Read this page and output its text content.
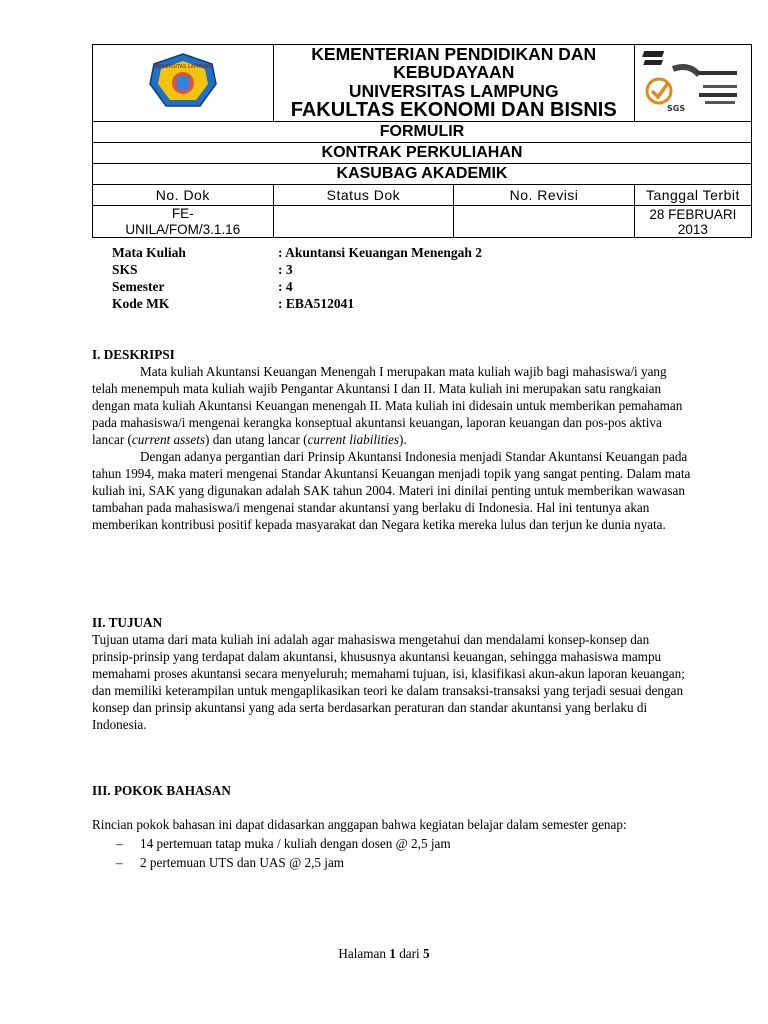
UNIVERSITAS LAMPUNG	KEMENTERIAN PENDIDIKAN DAN KEBUDAYAAN
UNIVERSITAS LAMPUNG
FAKULTAS EKONOMI DAN BISNIS		SGS

FORMULIR			
KONTRAK PERKULIAHAN			
KASUBAG AKADEMIK			
No. Dok	Status Dok	No. Revisi	Tanggal Terbit

FE-
UNILA/FOM/3.1.16			28 FEBRUARI 2013
Mata Kuliah	: Akuntansi Keuangan Menengah 2
SKS	: 3
Semester	: 4
Kode MK	: EBA512041

I. DESKRIPSI

Mata kuliah Akuntansi Keuangan Menengah I merupakan mata kuliah wajib bagi mahasiswa/i yang telah menempuh mata kuliah wajib Pengantar Akuntansi I dan II. Mata kuliah ini merupakan satu rangkaian dengan mata kuliah Akuntansi Keuangan menengah II. Mata kuliah ini didesain untuk memberikan pemahaman pada mahasiswa/i mengenai kerangka konseptual akuntansi keuangan, laporan keuangan dan pos-pos aktiva lancar (current assets) dan utang lancar (current liabilities).

Dengan adanya pergantian dari Prinsip Akuntansi Indonesia menjadi Standar Akuntansi Keuangan pada tahun 1994, maka materi mengenai Standar Akuntansi Keuangan menjadi topik yang sangat penting. Dalam mata kuliah ini, SAK yang digunakan adalah SAK tahun 2004. Materi ini dinilai penting untuk memberikan wawasan tambahan pada mahasiswa/i mengenai standar akuntansi yang berlaku di Indonesia. Hal ini tentunya akan memberikan kontribusi positif kepada masyarakat dan Negara ketika mereka lulus dan terjun ke dunia nyata.

II. TUJUAN

Tujuan utama dari mata kuliah ini adalah agar mahasiswa mengetahui dan mendalami konsep-konsep dan prinsip-prinsip yang terdapat dalam akuntansi, khususnya akuntansi keuangan, sehingga mahasiswa mampu memahami proses akuntansi secara menyeluruh; memahami tujuan, isi, klasifikasi akun-akun laporan keuangan; dan memiliki keterampilan untuk mengaplikasikan teori ke dalam transaksi-transaksi yang terjadi sesuai dengan konsep dan prinsip akuntansi yang ada serta berdasarkan peraturan dan standar akuntansi yang berlaku di Indonesia.

III. POKOK BAHASAN

Rincian pokok bahasan ini dapat didasarkan anggapan bahwa kegiatan belajar dalam semester genap:

– 14 pertemuan tatap muka / kuliah dengan dosen @ 2,5 jam
– 2 pertemuan UTS dan UAS @ 2,5 jam
Halaman 1 dari 5
